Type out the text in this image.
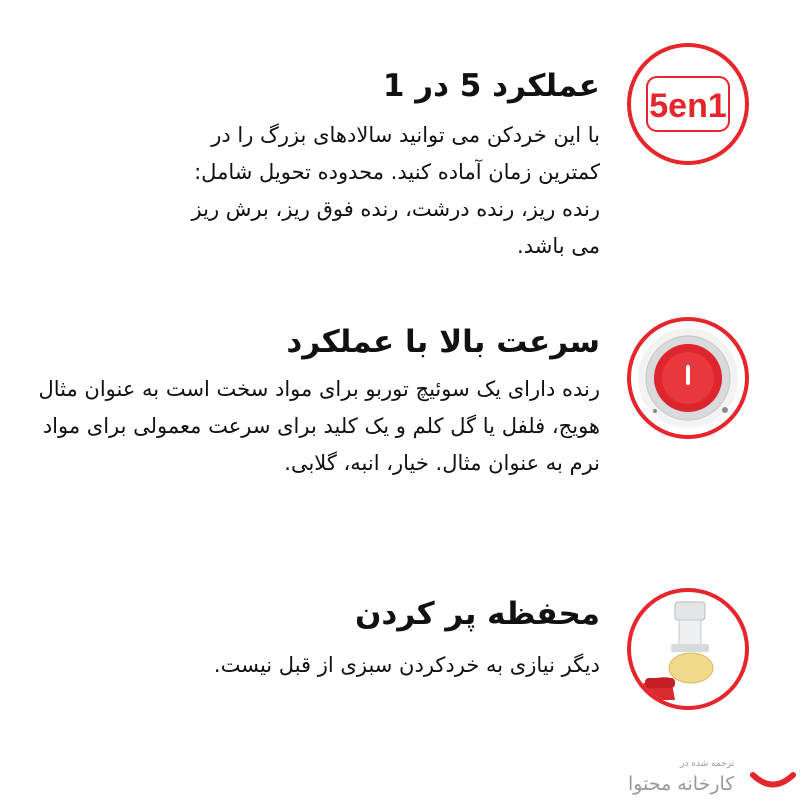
عملکرد 5 در 1

با این خردکن می توانید سالادهای بزرگ را در کمترین زمان آماده کنید. محدوده تحویل شامل: رنده ریز، رنده درشت، رنده فوق ریز، برش ریز می باشد.

5en1
سرعت بالا با عملکرد

رنده دارای یک سوئیچ توربو برای مواد سخت است به عنوان مثال هویج، فلفل یا گل کلم و یک کلید برای سرعت معمولی برای مواد نرم به عنوان مثال. خیار، انبه، گلابی.

محفظه پر کردن

دیگر نیازی به خردکردن سبزی از قبل نیست.

ترجمه شده در

کارخانه محتوا
